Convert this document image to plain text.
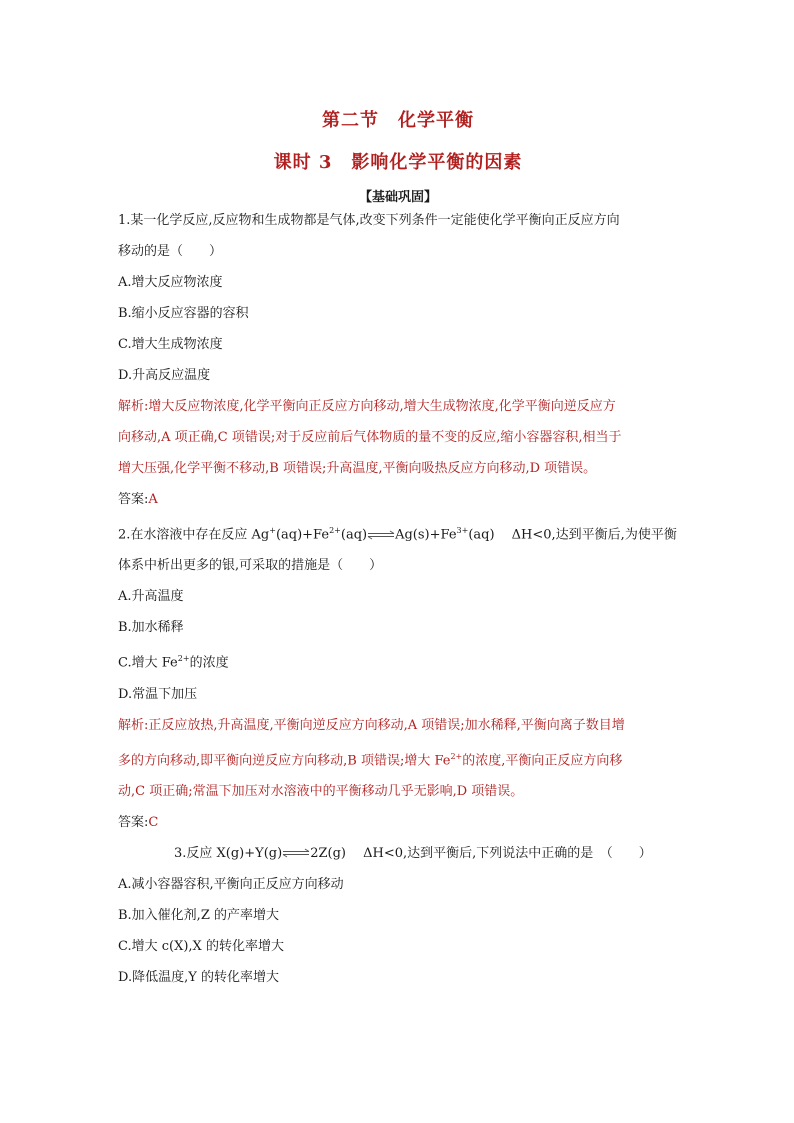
第二节　化学平衡

课时 3　影响化学平衡的因素

【基础巩固】
1.某一化学反应,反应物和生成物都是气体,改变下列条件一定能使化学平衡向正反应方向
移动的是（　　）
A.增大反应物浓度
B.缩小反应容器的容积
C.增大生成物浓度
D.升高反应温度
解析:增大反应物浓度,化学平衡向正反应方向移动,增大生成物浓度,化学平衡向逆反应方
向移动,A 项正确,C 项错误;对于反应前后气体物质的量不变的反应,缩小容器容积,相当于
增大压强,化学平衡不移动,B 项错误;升高温度,平衡向吸热反应方向移动,D 项错误。
答案:A
2.在水溶液中存在反应 $Ag^+(aq)+Fe^{2+}(aq)\rightleftharpoons Ag(s)+Fe^{3+}(aq)$　 ΔH<0,达到平衡后,为使平衡
体系中析出更多的银,可采取的措施是（　　）
A.升高温度
B.加水稀释
C.增大 $Fe^{2+}$的浓度
D.常温下加压
解析:正反应放热,升高温度,平衡向逆反应方向移动,A 项错误;加水稀释,平衡向离子数目增
多的方向移动,即平衡向逆反应方向移动,B 项错误;增大 $Fe^{2+}$的浓度,平衡向正反应方向移
动,C 项正确;常温下加压对水溶液中的平衡移动几乎无影响,D 项错误。
答案:C
3.反应 X(g)+Y(g)⇌2Z(g)　 ΔH<0,达到平衡后,下列说法中正确的是　（　　）
A.减小容器容积,平衡向正反应方向移动
B.加入催化剂,Z 的产率增大
C.增大 c(X),X 的转化率增大
D.降低温度,Y 的转化率增大
